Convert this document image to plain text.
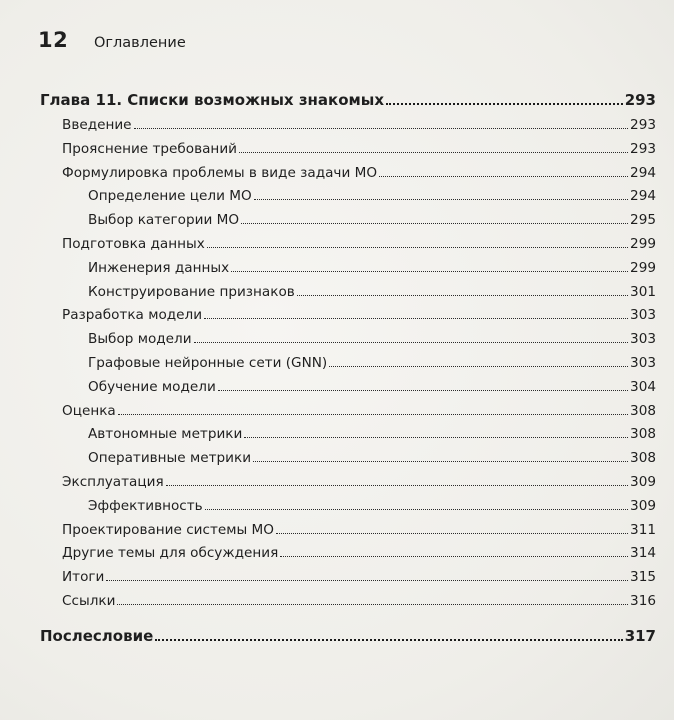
12	Оглавление
Глава 11. Списки возможных знакомых	293
Введение	293
Прояснение требований	293
Формулировка проблемы в виде задачи МО	294
Определение цели МО	294
Выбор категории МО	295
Подготовка данных	299
Инженерия данных	299
Конструирование признаков	301
Разработка модели	303
Выбор модели	303
Графовые нейронные сети (GNN)	303
Обучение модели	304
Оценка	308
Автономные метрики	308
Оперативные метрики	308
Эксплуатация	309
Эффективность	309
Проектирование системы МО	311
Другие темы для обсуждения	314
Итоги	315
Ссылки	316
Послесловие	317
